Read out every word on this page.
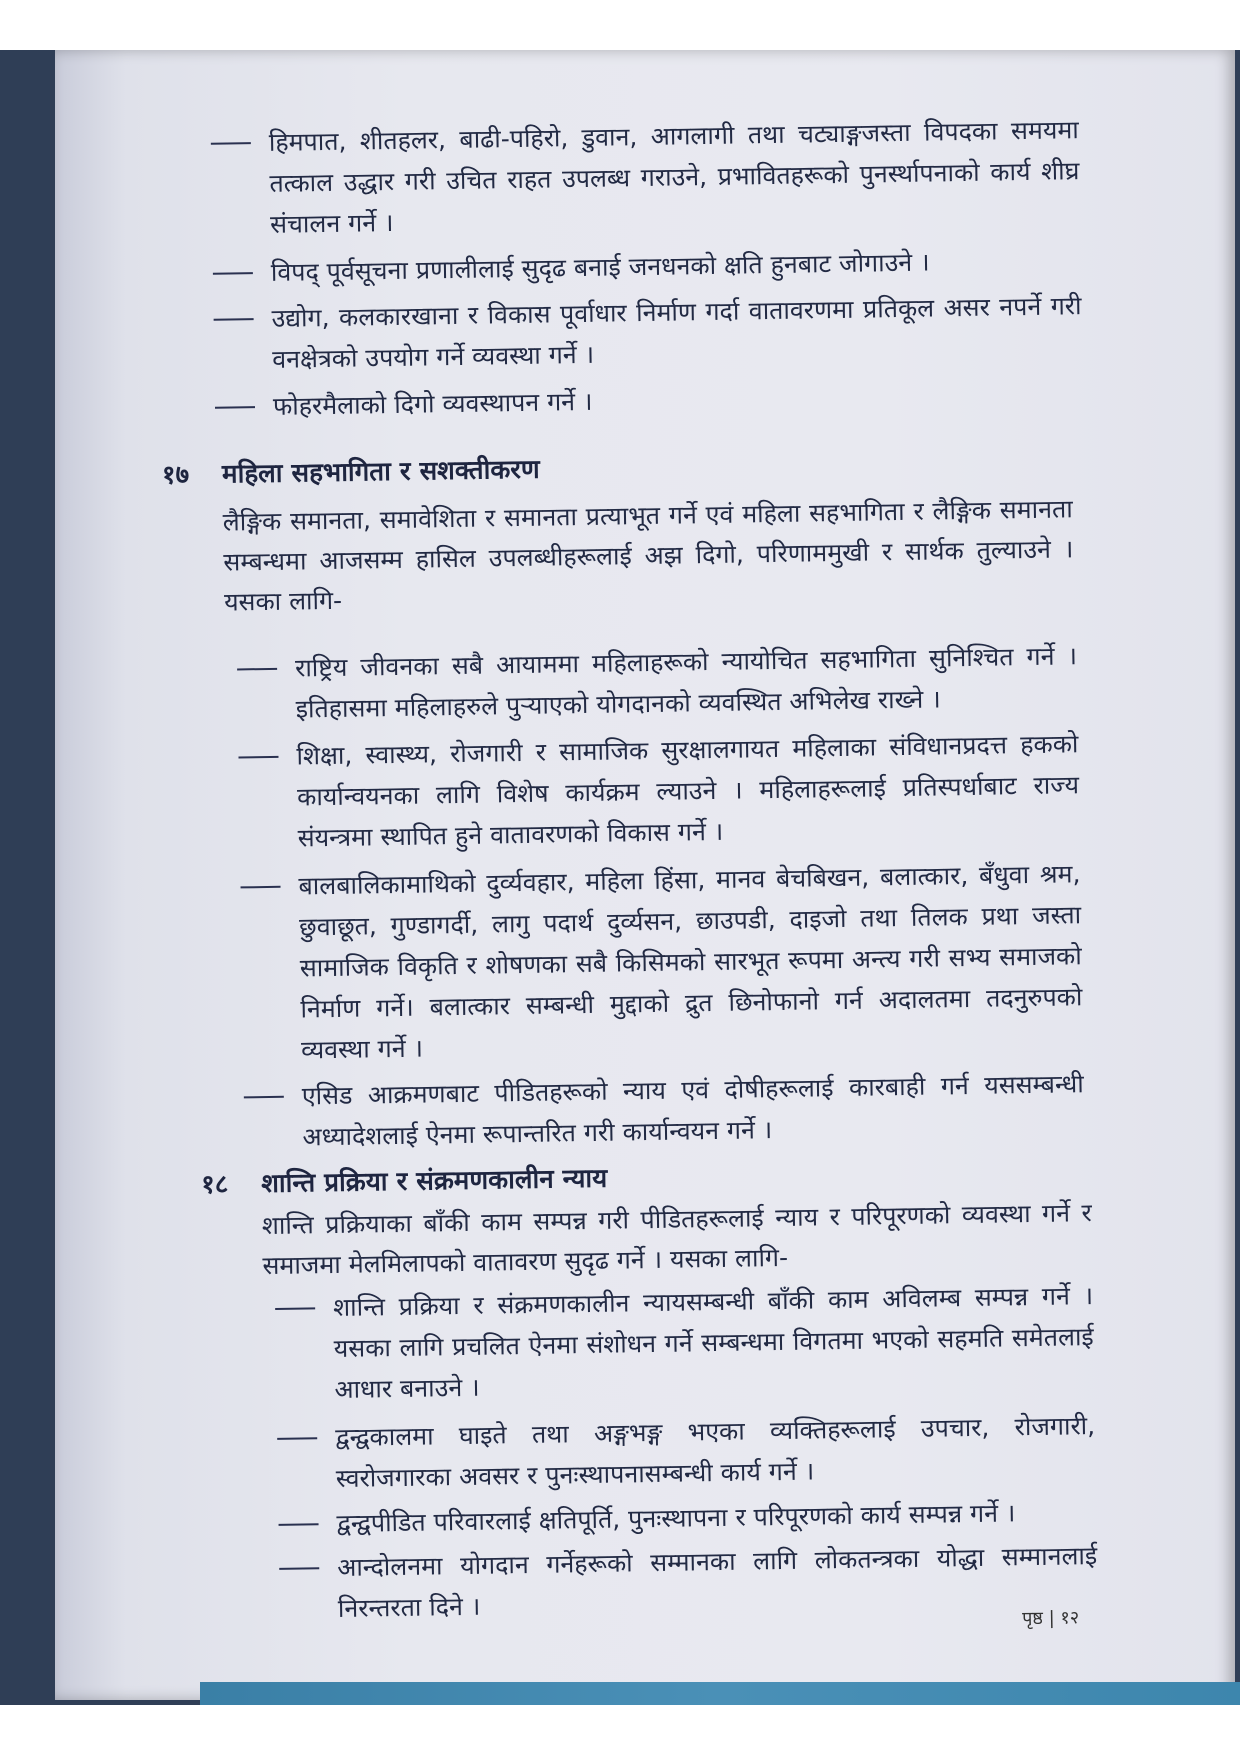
हिमपात, शीतहलर, बाढी-पहिरो, डुवान, आगलागी तथा चट्याङ्गजस्ता विपदका समयमा तत्काल उद्धार गरी उचित राहत उपलब्ध गराउने, प्रभावितहरूको पुनर्स्थापनाको कार्य शीघ्र संचालन गर्ने ।
विपद् पूर्वसूचना प्रणालीलाई सुदृढ बनाई जनधनको क्षति हुनबाट जोगाउने ।
उद्योग, कलकारखाना र विकास पूर्वाधार निर्माण गर्दा वातावरणमा प्रतिकूल असर नपर्ने गरी वनक्षेत्रको उपयोग गर्ने व्यवस्था गर्ने ।
फोहरमैलाको दिगो व्यवस्थापन गर्ने ।
१७ महिला सहभागिता र सशक्तीकरण
लैङ्गिक समानता, समावेशिता र समानता प्रत्याभूत गर्ने एवं महिला सहभागिता र लैङ्गिक समानता सम्बन्धमा आजसम्म हासिल उपलब्धीहरूलाई अझ दिगो, परिणाममुखी र सार्थक तुल्याउने । यसका लागि-
राष्ट्रिय जीवनका सबै आयाममा महिलाहरूको न्यायोचित सहभागिता सुनिश्चित गर्ने । इतिहासमा महिलाहरुले पुऱ्याएको योगदानको व्यवस्थित अभिलेख राख्ने ।
शिक्षा, स्वास्थ्य, रोजगारी र सामाजिक सुरक्षालगायत महिलाका संविधानप्रदत्त हकको कार्यान्वयनका लागि विशेष कार्यक्रम ल्याउने । महिलाहरूलाई प्रतिस्पर्धाबाट राज्य संयन्त्रमा स्थापित हुने वातावरणको विकास गर्ने ।
बालबालिकामाथिको दुर्व्यवहार, महिला हिंसा, मानव बेचबिखन, बलात्कार, बँधुवा श्रम, छुवाछूत, गुण्डागर्दी, लागु पदार्थ दुर्व्यसन, छाउपडी, दाइजो तथा तिलक प्रथा जस्ता सामाजिक विकृति र शोषणका सबै किसिमको सारभूत रूपमा अन्त्य गरी सभ्य समाजको निर्माण गर्ने। बलात्कार सम्बन्धी मुद्दाको द्रुत छिनोफानो गर्न अदालतमा तदनुरुपको व्यवस्था गर्ने ।
एसिड आक्रमणबाट पीडितहरूको न्याय एवं दोषीहरूलाई कारबाही गर्न यससम्बन्धी अध्यादेशलाई ऐनमा रूपान्तरित गरी कार्यान्वयन गर्ने ।
१८ शान्ति प्रक्रिया र संक्रमणकालीन न्याय
शान्ति प्रक्रियाका बाँकी काम सम्पन्न गरी पीडितहरूलाई न्याय र परिपूरणको व्यवस्था गर्ने र समाजमा मेलमिलापको वातावरण सुदृढ गर्ने । यसका लागि-
शान्ति प्रक्रिया र संक्रमणकालीन न्यायसम्बन्धी बाँकी काम अविलम्ब सम्पन्न गर्ने । यसका लागि प्रचलित ऐनमा संशोधन गर्ने सम्बन्धमा विगतमा भएको सहमति समेतलाई आधार बनाउने ।
द्वन्द्वकालमा घाइते तथा अङ्गभङ्ग भएका व्यक्तिहरूलाई उपचार, रोजगारी, स्वरोजगारका अवसर र पुनःस्थापनासम्बन्धी कार्य गर्ने ।
द्वन्द्वपीडित परिवारलाई क्षतिपूर्ति, पुनःस्थापना र परिपूरणको कार्य सम्पन्न गर्ने ।
आन्दोलनमा योगदान गर्नेहरूको सम्मानका लागि लोकतन्त्रका योद्धा सम्मानलाई निरन्तरता दिने ।	पृष्ठ | १२
